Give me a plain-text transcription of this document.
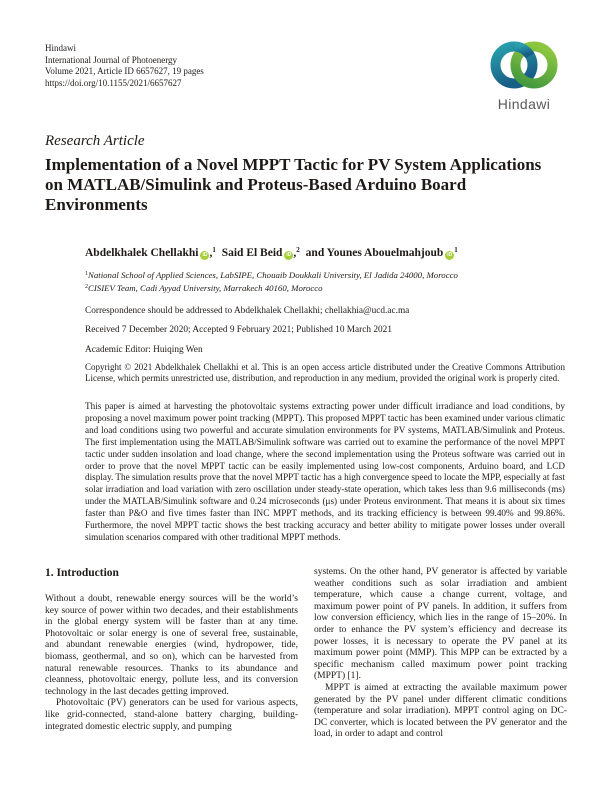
Hindawi
International Journal of Photoenergy
Volume 2021, Article ID 6657627, 19 pages
https://doi.org/10.1155/2021/6657627
Hindawi
Research Article
Implementation of a Novel MPPT Tactic for PV System Applications on MATLAB/Simulink and Proteus-Based Arduino Board Environments
Abdelkhalek Chellakhi iD ,$^1$ Said El Beid iD ,$^2$ and Younes Abouelmahjoub $iD^1$
$^1$National School of Applied Sciences, LabSIPE, Chouaib Doukkali University, El Jadida 24000, Morocco
$^2$CISIEV Team, Cadi Ayyad University, Marrakech 40160, Morocco
Correspondence should be addressed to Abdelkhalek Chellakhi; chellakhia@ucd.ac.ma
Received 7 December 2020; Accepted 9 February 2021; Published 10 March 2021
Academic Editor: Huiqing Wen
Copyright © 2021 Abdelkhalek Chellakhi et al. This is an open access article distributed under the Creative Commons Attribution License, which permits unrestricted use, distribution, and reproduction in any medium, provided the original work is properly cited.
This paper is aimed at harvesting the photovoltaic systems extracting power under difficult irradiance and load conditions, by proposing a novel maximum power point tracking (MPPT). This proposed MPPT tactic has been examined under various climatic and load conditions using two powerful and accurate simulation environments for PV systems, MATLAB/Simulink and Proteus. The first implementation using the MATLAB/Simulink software was carried out to examine the performance of the novel MPPT tactic under sudden insolation and load change, where the second implementation using the Proteus software was carried out in order to prove that the novel MPPT tactic can be easily implemented using low-cost components, Arduino board, and LCD display. The simulation results prove that the novel MPPT tactic has a high convergence speed to locate the MPP, especially at fast solar irradiation and load variation with zero oscillation under steady-state operation, which takes less than 9.6 milliseconds (ms) under the MATLAB/Simulink software and 0.24 microseconds (μs) under Proteus environment. That means it is about six times faster than P&O and five times faster than INC MPPT methods, and its tracking efficiency is between 99.40% and 99.86%. Furthermore, the novel MPPT tactic shows the best tracking accuracy and better ability to mitigate power losses under overall simulation scenarios compared with other traditional MPPT methods.
1. Introduction

Without a doubt, renewable energy sources will be the world’s key source of power within two decades, and their establishments in the global energy system will be faster than at any time. Photovoltaic or solar energy is one of several free, sustainable, and abundant renewable energies (wind, hydropower, tide, biomass, geothermal, and so on), which can be harvested from natural renewable resources. Thanks to its abundance and cleanness, photovoltaic energy, pollute less, and its conversion technology in the last decades getting improved.

Photovoltaic (PV) generators can be used for various aspects, like grid-connected, stand-alone battery charging, building-integrated domestic electric supply, and pumping

systems. On the other hand, PV generator is affected by variable weather conditions such as solar irradiation and ambient temperature, which cause a change current, voltage, and maximum power point of PV panels. In addition, it suffers from low conversion efficiency, which lies in the range of 15–20%. In order to enhance the PV system’s efficiency and decrease its power losses, it is necessary to operate the PV panel at its maximum power point (MMP). This MPP can be extracted by a specific mechanism called maximum power point tracking (MPPT) [1].

MPPT is aimed at extracting the available maximum power generated by the PV panel under different climatic conditions (temperature and solar irradiation). MPPT control aging on DC-DC converter, which is located between the PV generator and the load, in order to adapt and control
